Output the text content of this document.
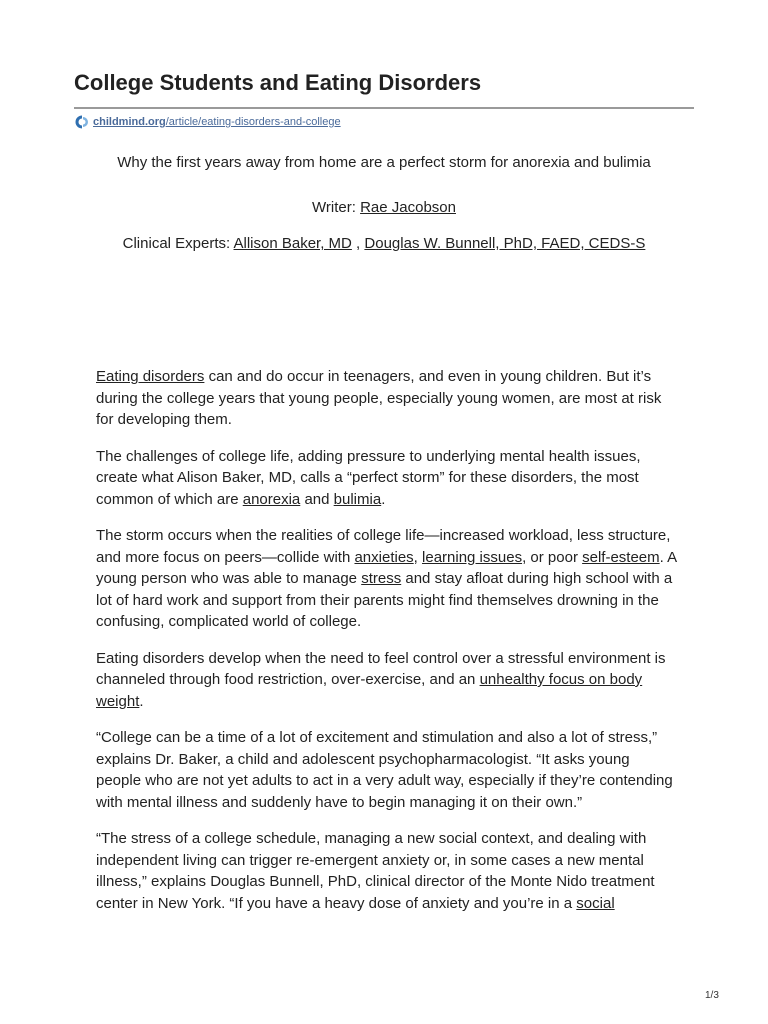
College Students and Eating Disorders
childmind.org /article/eating-disorders-and-college

Why the first years away from home are a perfect storm for anorexia and bulimia

Writer: Rae Jacobson

Clinical Experts: Allison Baker, MD , Douglas W. Bunnell, PhD, FAED, CEDS-S

Eating disorders can and do occur in teenagers, and even in young children. But it’s during the college years that young people, especially young women, are most at risk for developing them.

The challenges of college life, adding pressure to underlying mental health issues, create what Alison Baker, MD, calls a “perfect storm” for these disorders, the most common of which are anorexia and bulimia.

The storm occurs when the realities of college life—increased workload, less structure, and more focus on peers—collide with anxieties, learning issues, or poor self-esteem. A young person who was able to manage stress and stay afloat during high school with a lot of hard work and support from their parents might find themselves drowning in the confusing, complicated world of college.

Eating disorders develop when the need to feel control over a stressful environment is channeled through food restriction, over-exercise, and an unhealthy focus on body weight.

“College can be a time of a lot of excitement and stimulation and also a lot of stress,” explains Dr. Baker, a child and adolescent psychopharmacologist. “It asks young people who are not yet adults to act in a very adult way, especially if they’re contending with mental illness and suddenly have to begin managing it on their own.”

“The stress of a college schedule, managing a new social context, and dealing with independent living can trigger re-emergent anxiety or, in some cases a new mental illness,” explains Douglas Bunnell, PhD, clinical director of the Monte Nido treatment center in New York. “If you have a heavy dose of anxiety and you’re in a social

1/3
